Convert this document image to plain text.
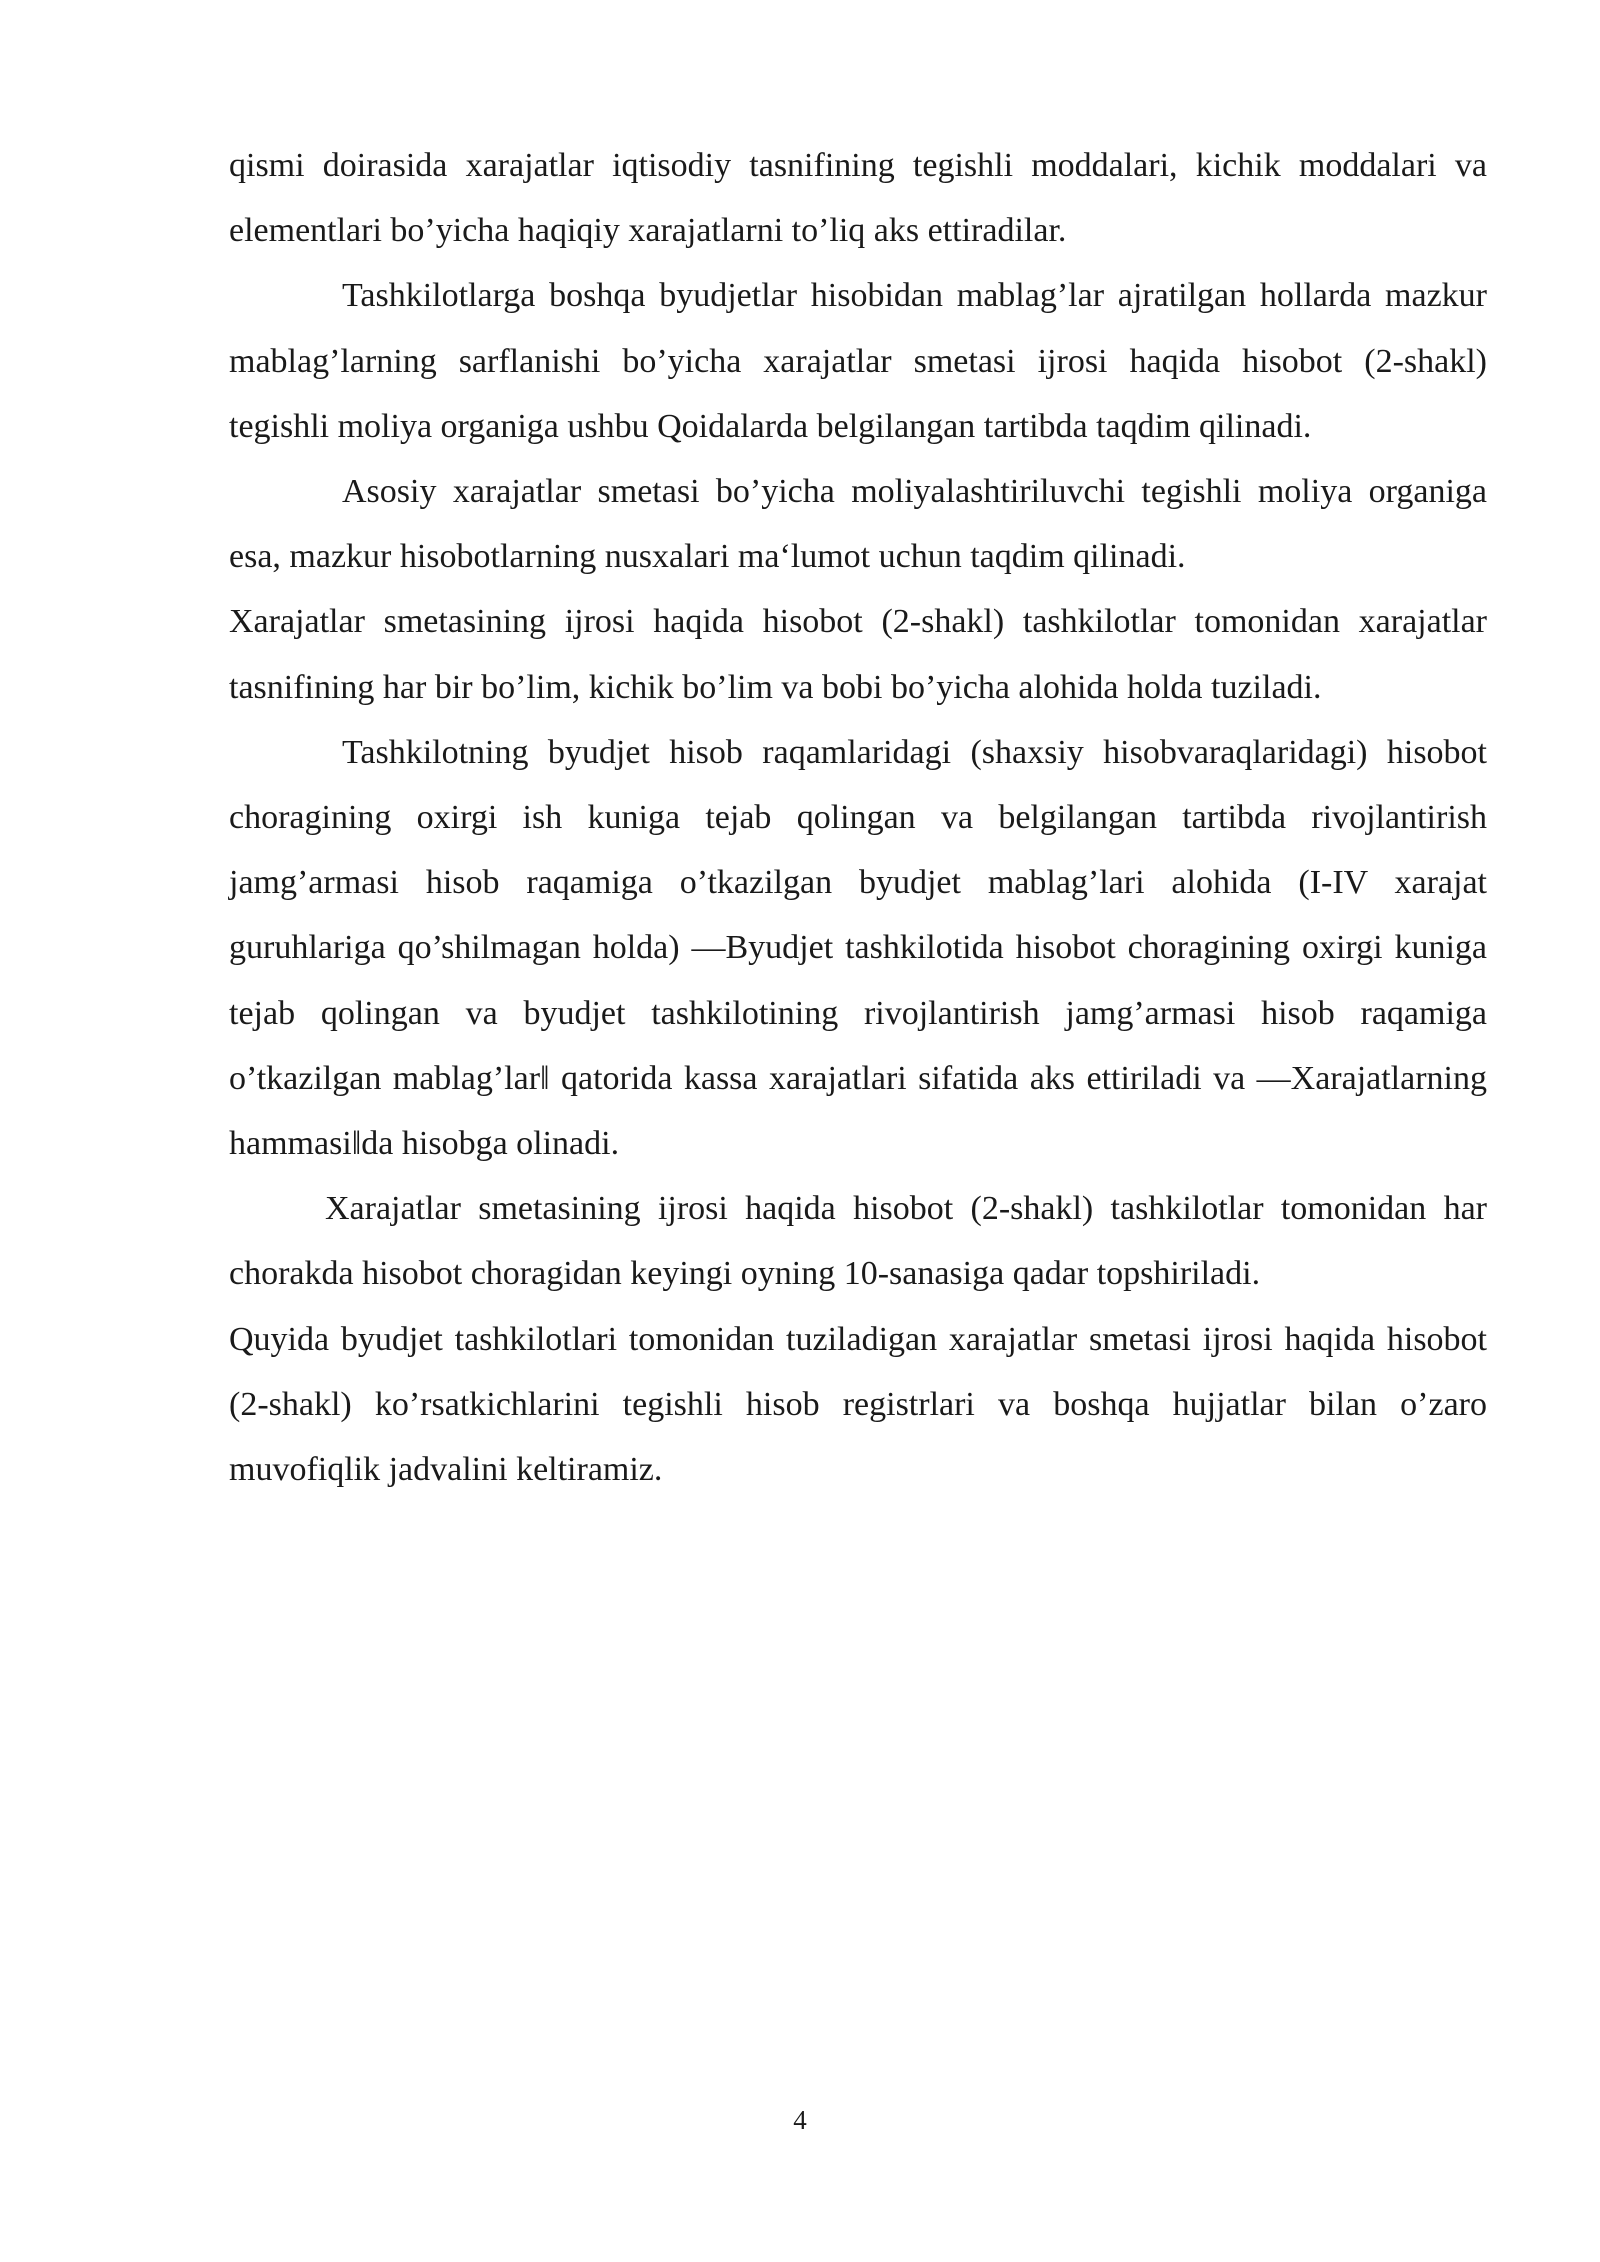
qismi doirasida xarajatlar iqtisodiy tasnifining tegishli moddalari, kichik moddalari va elementlari bo’yicha haqiqiy xarajatlarni to’liq aks ettiradilar.

Tashkilotlarga boshqa byudjetlar hisobidan mablag’lar ajratilgan hollarda mazkur mablag’larning sarflanishi bo’yicha xarajatlar smetasi ijrosi haqida hisobot (2-shakl) tegishli moliya organiga ushbu Qoidalarda belgilangan tartibda taqdim qilinadi.

Asosiy xarajatlar smetasi bo’yicha moliyalashtiriluvchi tegishli moliya organiga esa, mazkur hisobotlarning nusxalari ma‘lumot uchun taqdim qilinadi.

Xarajatlar smetasining ijrosi haqida hisobot (2-shakl) tashkilotlar tomonidan xarajatlar tasnifining har bir bo’lim, kichik bo’lim va bobi bo’yicha alohida holda tuziladi.

Tashkilotning byudjet hisob raqamlaridagi (shaxsiy hisobvaraqlaridagi) hisobot choragining oxirgi ish kuniga tejab qolingan va belgilangan tartibda rivojlantirish jamg’armasi hisob raqamiga o’tkazilgan byudjet mablag’lari alohida (I-IV xarajat guruhlariga qo’shilmagan holda) ―Byudjet tashkilotida hisobot choragining oxirgi kuniga tejab qolingan va byudjet tashkilotining rivojlantirish jamg’armasi hisob raqamiga o’tkazilgan mablag’lar‖ qatorida kassa xarajatlari sifatida aks ettiriladi va ―Xarajatlarning hammasi‖da hisobga olinadi.

Xarajatlar smetasining ijrosi haqida hisobot (2-shakl) tashkilotlar tomonidan har chorakda hisobot choragidan keyingi oyning 10-sanasiga qadar topshiriladi.

Quyida byudjet tashkilotlari tomonidan tuziladigan xarajatlar smetasi ijrosi haqida hisobot (2-shakl) ko’rsatkichlarini tegishli hisob registrlari va boshqa hujjatlar bilan o’zaro muvofiqlik jadvalini keltiramiz.

4
